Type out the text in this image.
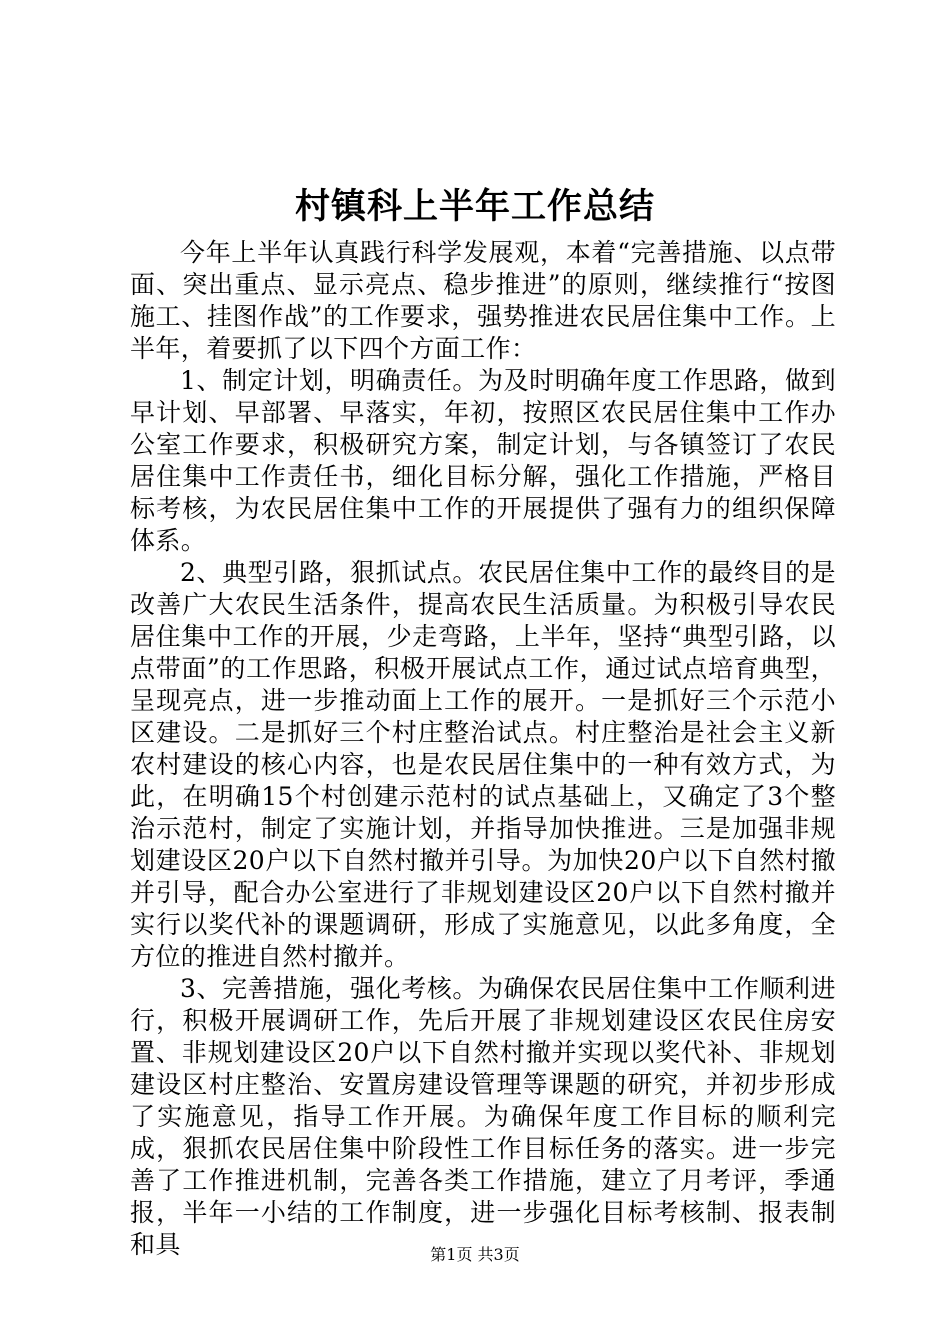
村镇科上半年工作总结

今年上半年认真践行科学发展观，本着“完善措施、以点带面、突出重点、显示亮点、稳步推进”的原则，继续推行“按图施工、挂图作战”的工作要求，强势推进农民居住集中工作。上半年，着要抓了以下四个方面工作：

1、制定计划，明确责任。为及时明确年度工作思路，做到早计划、早部署、早落实，年初，按照区农民居住集中工作办公室工作要求，积极研究方案，制定计划，与各镇签订了农民居住集中工作责任书，细化目标分解，强化工作措施，严格目标考核，为农民居住集中工作的开展提供了强有力的组织保障体系。

2、典型引路，狠抓试点。农民居住集中工作的最终目的是改善广大农民生活条件，提高农民生活质量。为积极引导农民居住集中工作的开展，少走弯路，上半年，坚持“典型引路，以点带面”的工作思路，积极开展试点工作，通过试点培育典型，呈现亮点，进一步推动面上工作的展开。一是抓好三个示范小区建设。二是抓好三个村庄整治试点。村庄整治是社会主义新农村建设的核心内容，也是农民居住集中的一种有效方式，为此，在明确15个村创建示范村的试点基础上，又确定了3个整治示范村，制定了实施计划，并指导加快推进。三是加强非规划建设区20户以下自然村撤并引导。为加快20户以下自然村撤并引导，配合办公室进行了非规划建设区20户以下自然村撤并实行以奖代补的课题调研，形成了实施意见，以此多角度，全方位的推进自然村撤并。

3、完善措施，强化考核。为确保农民居住集中工作顺利进行，积极开展调研工作，先后开展了非规划建设区农民住房安置、非规划建设区20户以下自然村撤并实现以奖代补、非规划建设区村庄整治、安置房建设管理等课题的研究，并初步形成了实施意见，指导工作开展。为确保年度工作目标的顺利完成，狠抓农民居住集中阶段性工作目标任务的落实。进一步完善了工作推进机制，完善各类工作措施，建立了月考评，季通报，半年一小结的工作制度，进一步强化目标考核制、报表制和具	第1页 共3页
